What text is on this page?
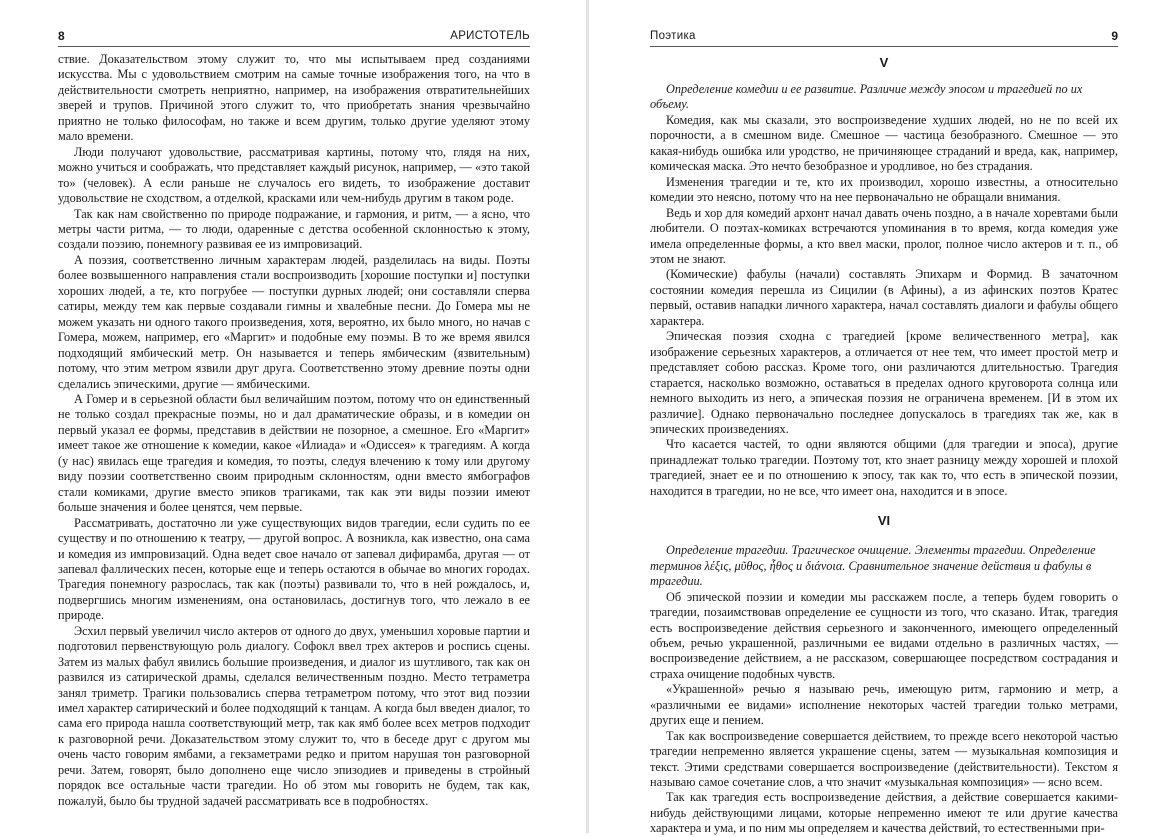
8	АРИСТОТЕЛЬ

ствие. Доказательством этому служит то, что мы испытываем пред созданиями искусства. Мы с удовольствием смотрим на самые точные изображения того, на что в действительности смотреть неприятно, например, на изображения отвратительнейших зверей и трупов. Причиной этого служит то, что приобретать знания чрезвычайно приятно не только философам, но также и всем другим, только другие уделяют этому мало времени.

Люди получают удовольствие, рассматривая картины, потому что, глядя на них, можно учиться и соображать, что представляет каждый рисунок, например, — «это такой то» (человек). А если раньше не случалось его видеть, то изображение доставит удовольствие не сходством, а отделкой, красками или чем-нибудь другим в таком роде.

Так как нам свойственно по природе подражание, и гармония, и ритм, — а ясно, что метры части ритма, — то люди, одаренные с детства особенной склонностью к этому, создали поэзию, понемногу развивая ее из импровизаций.

А поэзия, соответственно личным характерам людей, разделилась на виды. Поэты более возвышенного направления стали воспроизводить [хорошие поступки и] поступки хороших людей, а те, кто погрубее — поступки дурных людей; они составляли сперва сатиры, между тем как первые создавали гимны и хвалебные песни. До Гомера мы не можем указать ни одного такого произведения, хотя, вероятно, их было много, но начав с Гомера, можем, например, его «Маргит» и подобные ему поэмы. В то же время явился подходящий ямбический метр. Он называется и теперь ямбическим (язвительным) потому, что этим метром язвили друг друга. Соответственно этому древние поэты одни сделались эпическими, другие — ямбическими.

А Гомер и в серьезной области был величайшим поэтом, потому что он единственный не только создал прекрасные поэмы, но и дал драматические образы, и в комедии он первый указал ее формы, представив в действии не позорное, а смешное. Его «Маргит» имеет такое же отношение к комедии, какое «Илиада» и «Одиссея» к трагедиям. А когда (у нас) явилась еще трагедия и комедия, то поэты, следуя влечению к тому или другому виду поэзии соответственно своим природным склонностям, одни вместо ямбографов стали комиками, другие вместо эпиков трагиками, так как эти виды поэзии имеют больше значения и более ценятся, чем первые.

Рассматривать, достаточно ли уже существующих видов трагедии, если судить по ее существу и по отношению к театру, — другой вопрос. А возникла, как известно, она сама и комедия из импровизаций. Одна ведет свое начало от запевал дифирамба, другая — от запевал фаллических песен, которые еще и теперь остаются в обычае во многих городах. Трагедия понемногу разрослась, так как (поэты) развивали то, что в ней рождалось, и, подвергшись многим изменениям, она остановилась, достигнув того, что лежало в ее природе.

Эсхил первый увеличил число актеров от одного до двух, уменьшил хоровые партии и подготовил первенствующую роль диалогу. Софокл ввел трех актеров и роспись сцены. Затем из малых фабул явились большие произведения, и диалог из шутливого, так как он развился из сатирической драмы, сделался величественным поздно. Место тетраметра занял триметр. Трагики пользовались сперва тетраметром потому, что этот вид поэзии имел характер сатирический и более подходящий к танцам. А когда был введен диалог, то сама его природа нашла соответствующий метр, так как ямб более всех метров подходит к разговорной речи. Доказательством этому служит то, что в беседе друг с другом мы очень часто говорим ямбами, а гекзаметрами редко и притом нарушая тон разговорной речи. Затем, говорят, было дополнено еще число эпизодиев и приведены в стройный порядок все остальные части трагедии. Но об этом мы говорить не будем, так как, пожалуй, было бы трудной задачей рассматривать все в подробностях.

Поэтика	9
V

Определение комедии и ее развитие. Различие между эпосом и трагедией по их объему.

Комедия, как мы сказали, это воспроизведение худших людей, но не по всей их порочности, а в смешном виде. Смешное — частица безобразного. Смешное — это какая-нибудь ошибка или уродство, не причиняющее страданий и вреда, как, например, комическая маска. Это нечто безобразное и уродливое, но без страдания.

Изменения трагедии и те, кто их производил, хорошо известны, а относительно комедии это неясно, потому что на нее первоначально не обращали внимания.

Ведь и хор для комедий архонт начал давать очень поздно, а в начале хоревтами были любители. О поэтах-комиках встречаются упоминания в то время, когда комедия уже имела определенные формы, а кто ввел маски, пролог, полное число актеров и т. п., об этом не знают.

(Комические) фабулы (начали) составлять Эпихарм и Формид. В зачаточном состоянии комедия перешла из Сицилии (в Афины), а из афинских поэтов Кратес первый, оставив нападки личного характера, начал составлять диалоги и фабулы общего характера.

Эпическая поэзия сходна с трагедией [кроме величественного метра], как изображение серьезных характеров, а отличается от нее тем, что имеет простой метр и представляет собою рассказ. Кроме того, они различаются длительностью. Трагедия старается, насколько возможно, оставаться в пределах одного круговорота солнца или немного выходить из него, а эпическая поэзия не ограничена временем. [И в этом их различие]. Однако первоначально последнее допускалось в трагедиях так же, как в эпических произведениях.

Что касается частей, то одни являются общими (для трагедии и эпоса), другие принадлежат только трагедии. Поэтому тот, кто знает разницу между хорошей и плохой трагедией, знает ее и по отношению к эпосу, так как то, что есть в эпической поэзии, находится в трагедии, но не все, что имеет она, находится и в эпосе.

VI

Определение трагедии. Трагическое очищение. Элементы трагедии. Определение терминов λέξις, μῦθος, ἦθος и διάνοια. Сравнительное значение действия и фабулы в трагедии.

Об эпической поэзии и комедии мы расскажем после, а теперь будем говорить о трагедии, позаимствовав определение ее сущности из того, что сказано. Итак, трагедия есть воспроизведение действия серьезного и законченного, имеющего определенный объем, речью украшенной, различными ее видами отдельно в различных частях, — воспроизведение действием, а не рассказом, совершающее посредством сострадания и страха очищение подобных чувств.

«Украшенной» речью я называю речь, имеющую ритм, гармонию и метр, а «различными ее видами» исполнение некоторых частей трагедии только метрами, других еще и пением.

Так как воспроизведение совершается действием, то прежде всего некоторой частью трагедии непременно является украшение сцены, затем — музыкальная композиция и текст. Этими средствами совершается воспроизведение (действительности). Текстом я называю самое сочетание слов, а что значит «музыкальная композиция» — ясно всем.

Так как трагедия есть воспроизведение действия, а действие совершается какими-нибудь действующими лицами, которые непременно имеют те или другие качества характера и ума, и по ним мы определяем и качества действий, то естественными при-
